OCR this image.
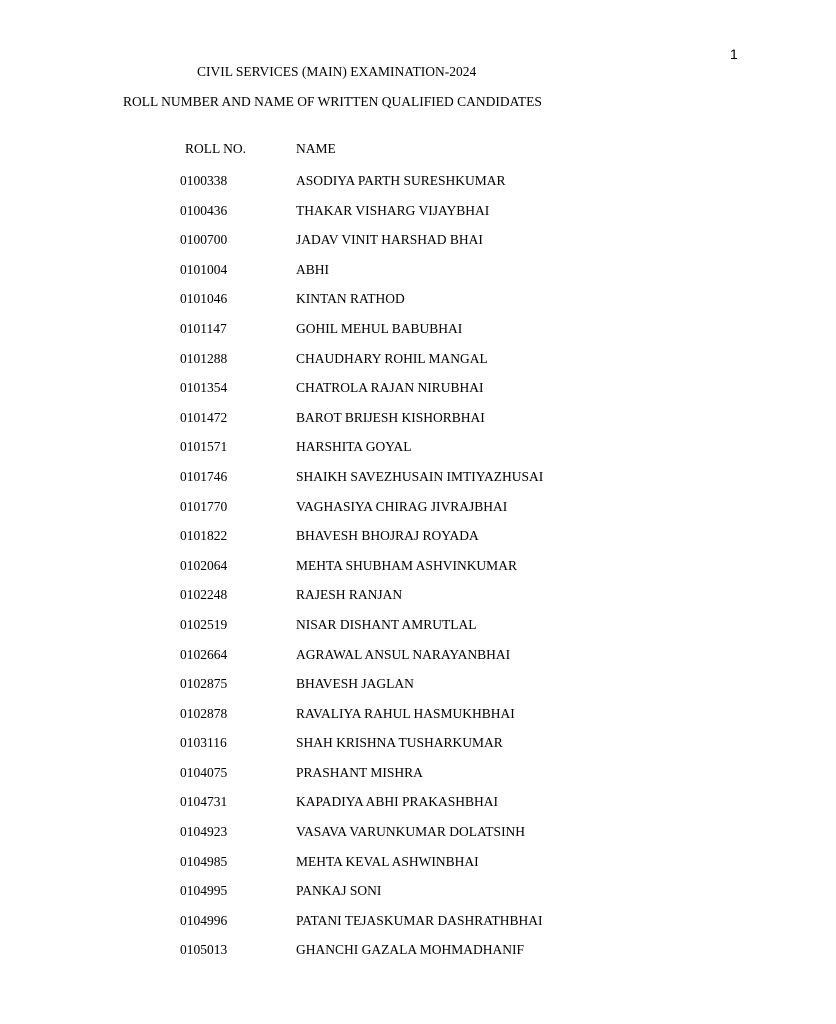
1
CIVIL SERVICES (MAIN) EXAMINATION-2024
ROLL NUMBER AND NAME OF WRITTEN QUALIFIED CANDIDATES
ROLL NO.	NAME
0100338	ASODIYA PARTH SURESHKUMAR
0100436	THAKAR VISHARG VIJAYBHAI
0100700	JADAV VINIT HARSHAD BHAI
0101004	ABHI
0101046	KINTAN RATHOD
0101147	GOHIL MEHUL BABUBHAI
0101288	CHAUDHARY ROHIL MANGAL
0101354	CHATROLA RAJAN NIRUBHAI
0101472	BAROT BRIJESH KISHORBHAI
0101571	HARSHITA GOYAL
0101746	SHAIKH SAVEZHUSAIN IMTIYAZHUSAI
0101770	VAGHASIYA CHIRAG JIVRAJBHAI
0101822	BHAVESH BHOJRAJ ROYADA
0102064	MEHTA SHUBHAM ASHVINKUMAR
0102248	RAJESH RANJAN
0102519	NISAR DISHANT AMRUTLAL
0102664	AGRAWAL ANSUL NARAYANBHAI
0102875	BHAVESH JAGLAN
0102878	RAVALIYA RAHUL HASMUKHBHAI
0103116	SHAH KRISHNA TUSHARKUMAR
0104075	PRASHANT MISHRA
0104731	KAPADIYA ABHI PRAKASHBHAI
0104923	VASAVA VARUNKUMAR DOLATSINH
0104985	MEHTA KEVAL ASHWINBHAI
0104995	PANKAJ SONI
0104996	PATANI TEJASKUMAR DASHRATHBHAI
0105013	GHANCHI GAZALA MOHMADHANIF
